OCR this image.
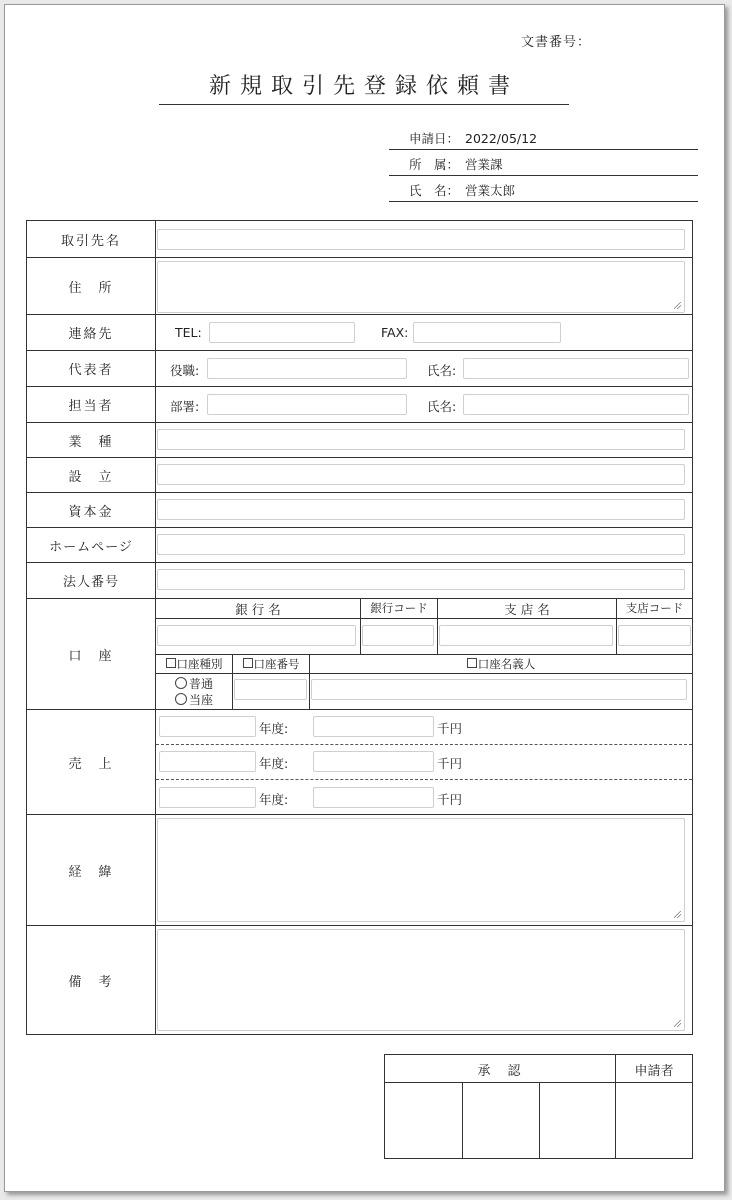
文書番号：
新規取引先登録依頼書
申請日： 2022/05/12
所　属： 営業課
氏　名： 営業太郎
取引先名
住　所
連絡先	TEL:	FAX:
代表者	役職:	氏名:
担当者	部署:	氏名:
業　種
設　立
資本金
ホームページ
法人番号
口　座
銀 行 名	銀行コード	支 店 名	支店コード
口座種別	口座番号	口座名義人
普通
当座
売　上
年度:	千円
年度:	千円
年度:	千円
経　緯
備　考
承　認	申請者
